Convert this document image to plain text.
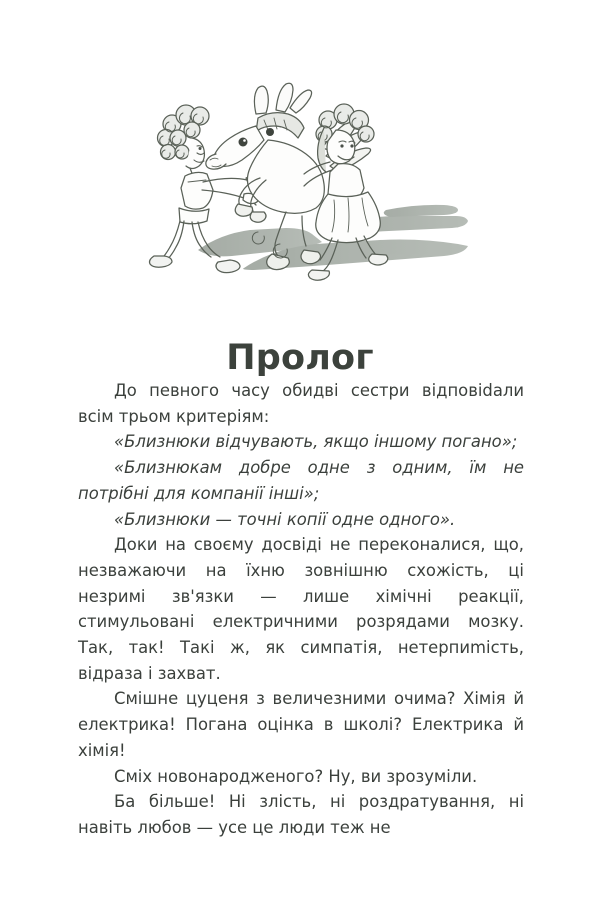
Пролог

До певного часу обидві сестри відповіdали всім трьом критеріям:

«Близнюки відчувають, якщо іншому погано»;

«Близнюкам добре одне з одним, їм не потрібні для компанії інші»;

«Близнюки — точні копії одне одного».

Доки на своєму досвіді не переконалися, що, незважаючи на їхню зовнішню схожість, ці незримі зв'язки — лише хімічні реакції, стимульовані електричними розрядами мозку. Так, так! Такі ж, як симпатія, нетерпиmість, відраза і захват.

Смішне цуценя з величезними очима? Хімія й електрика! Погана оцінка в школі? Електрика й хімія!

Сміх новонародженого? Ну, ви зрозуміли.

Ба більше! Ні злість, ні роздратування, ні навіть любов — усе це люди теж не
